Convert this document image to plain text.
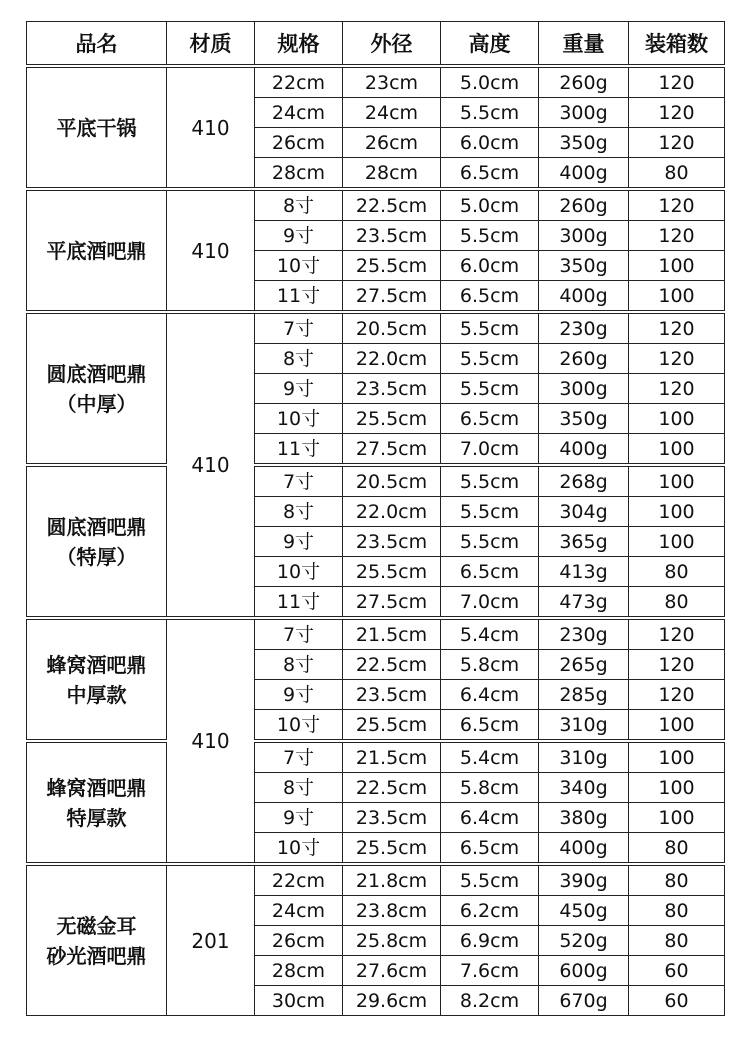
品名	材质	规格	外径	高度	重量	装箱数

平底干锅	410	22cm	23cm	5.0cm	260g	120
		24cm	24cm	5.5cm	300g	120
		26cm	26cm	6.0cm	350g	120
		28cm	28cm	6.5cm	400g	80

平底酒吧鼎	410	8寸	22.5cm	5.0cm	260g	120
		9寸	23.5cm	5.5cm	300g	120
		10寸	25.5cm	6.0cm	350g	100
		11寸	27.5cm	6.5cm	400g	100

圆底酒吧鼎
（中厚）	410	7寸	20.5cm	5.5cm	230g	120
		8寸	22.0cm	5.5cm	260g	120
		9寸	23.5cm	5.5cm	300g	120
		10寸	25.5cm	6.5cm	350g	100
		11寸	27.5cm	7.0cm	400g	100

圆底酒吧鼎
（特厚）		7寸	20.5cm	5.5cm	268g	100
		8寸	22.0cm	5.5cm	304g	100
		9寸	23.5cm	5.5cm	365g	100
		10寸	25.5cm	6.5cm	413g	80
		11寸	27.5cm	7.0cm	473g	80

蜂窝酒吧鼎
中厚款	410	7寸	21.5cm	5.4cm	230g	120
		8寸	22.5cm	5.8cm	265g	120
		9寸	23.5cm	6.4cm	285g	120
		10寸	25.5cm	6.5cm	310g	100

蜂窝酒吧鼎
特厚款		7寸	21.5cm	5.4cm	310g	100
		8寸	22.5cm	5.8cm	340g	100
		9寸	23.5cm	6.4cm	380g	100
		10寸	25.5cm	6.5cm	400g	80

无磁金耳
砂光酒吧鼎	201	22cm	21.8cm	5.5cm	390g	80
		24cm	23.8cm	6.2cm	450g	80
		26cm	25.8cm	6.9cm	520g	80
		28cm	27.6cm	7.6cm	600g	60
		30cm	29.6cm	8.2cm	670g	60
